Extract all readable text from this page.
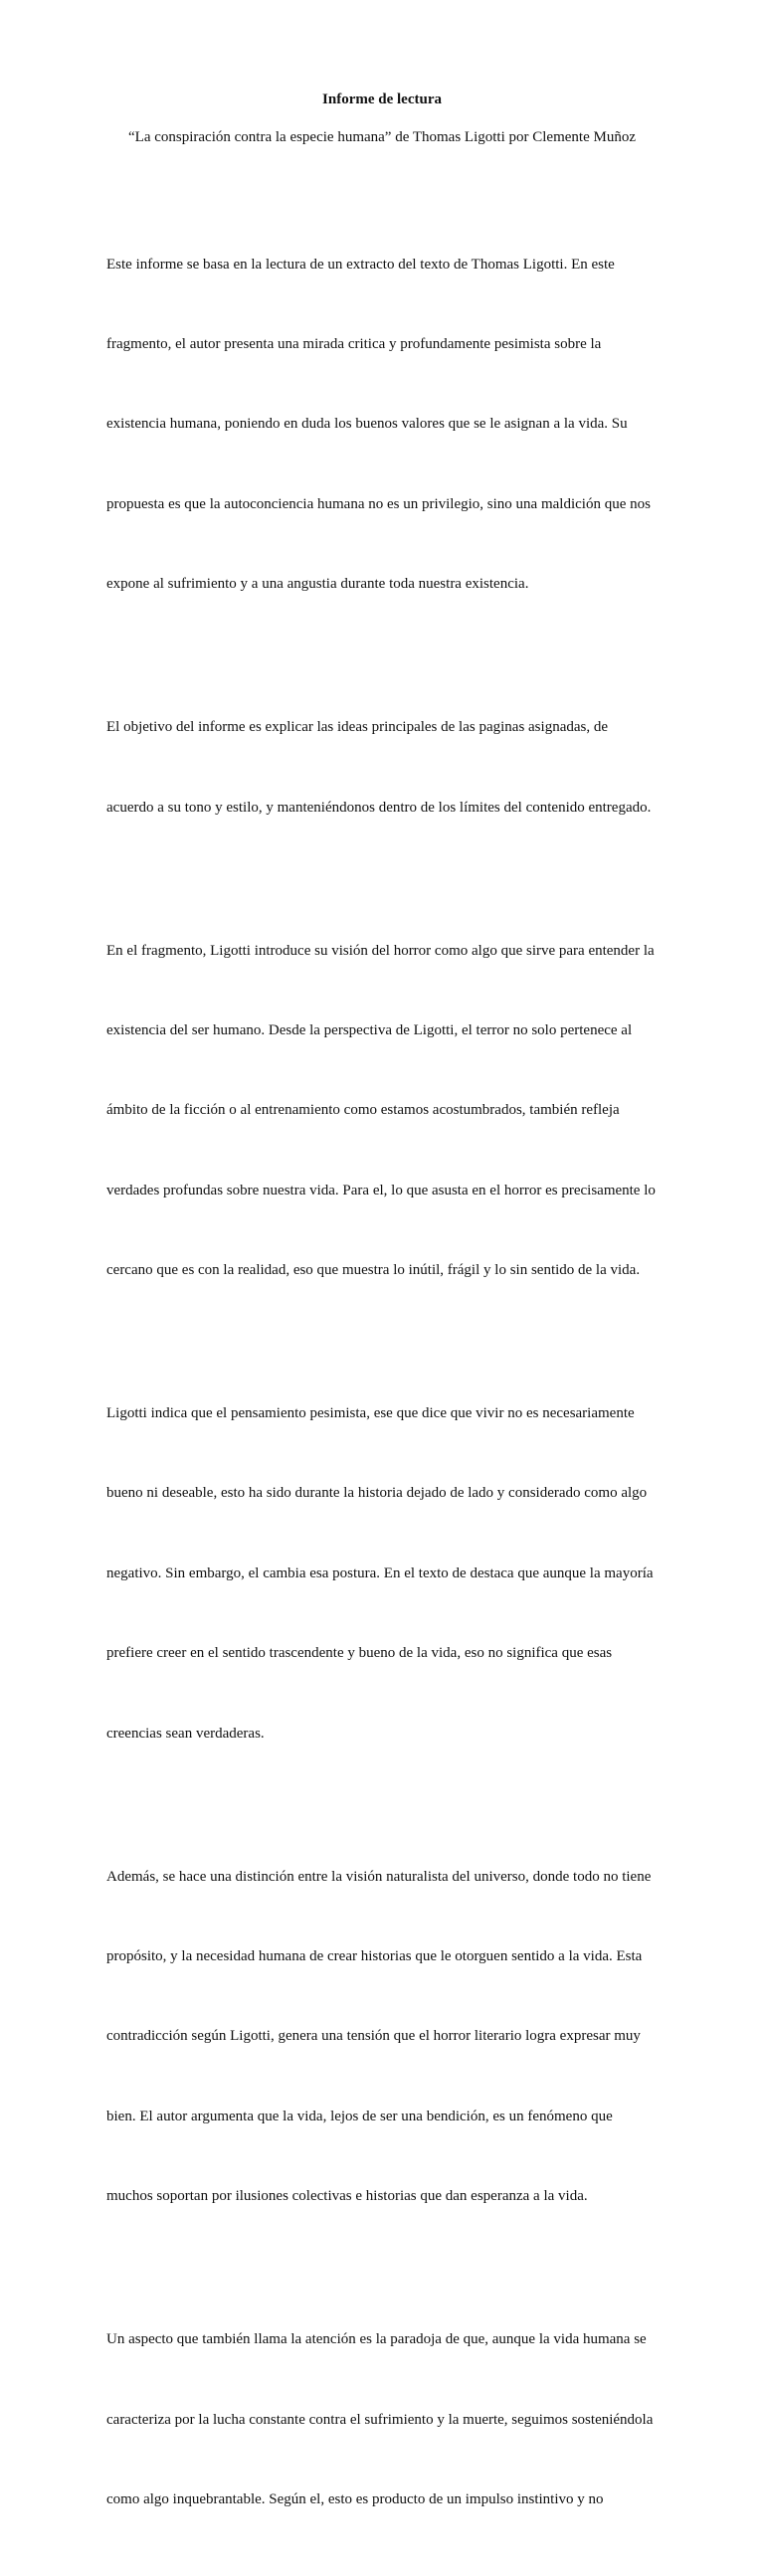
Informe de lectura

“La conspiración contra la especie humana” de Thomas Ligotti por Clemente Muñoz

Este informe se basa en la lectura de un extracto del texto de Thomas Ligotti. En este

fragmento, el autor presenta una mirada critica y profundamente pesimista sobre la

existencia humana, poniendo en duda los buenos valores que se le asignan a la vida. Su

propuesta es que la autoconciencia humana no es un privilegio, sino una maldición que nos

expone al sufrimiento y a una angustia durante toda nuestra existencia.

El objetivo del informe es explicar las ideas principales de las paginas asignadas, de

acuerdo a su tono y estilo, y manteniéndonos dentro de los límites del contenido entregado.

En el fragmento, Ligotti introduce su visión del horror como algo que sirve para entender la

existencia del ser humano. Desde la perspectiva de Ligotti, el terror no solo pertenece al

ámbito de la ficción o al entrenamiento como estamos acostumbrados, también refleja

verdades profundas sobre nuestra vida. Para el, lo que asusta en el horror es precisamente lo

cercano que es con la realidad, eso que muestra lo inútil, frágil y lo sin sentido de la vida.

Ligotti indica que el pensamiento pesimista, ese que dice que vivir no es necesariamente

bueno ni deseable, esto ha sido durante la historia dejado de lado y considerado como algo

negativo. Sin embargo, el cambia esa postura. En el texto de destaca que aunque la mayoría

prefiere creer en el sentido trascendente y bueno de la vida, eso no significa que esas

creencias sean verdaderas.

Además, se hace una distinción entre la visión naturalista del universo, donde todo no tiene

propósito, y la necesidad humana de crear historias que le otorguen sentido a la vida. Esta

contradicción según Ligotti, genera una tensión que el horror literario logra expresar muy

bien. El autor argumenta que la vida, lejos de ser una bendición, es un fenómeno que

muchos soportan por ilusiones colectivas e historias que dan esperanza a la vida.

Un aspecto que también llama la atención es la paradoja de que, aunque la vida humana se

caracteriza por la lucha constante contra el sufrimiento y la muerte, seguimos sosteniéndola

como algo inquebrantable. Según el, esto es producto de un impulso instintivo y no
